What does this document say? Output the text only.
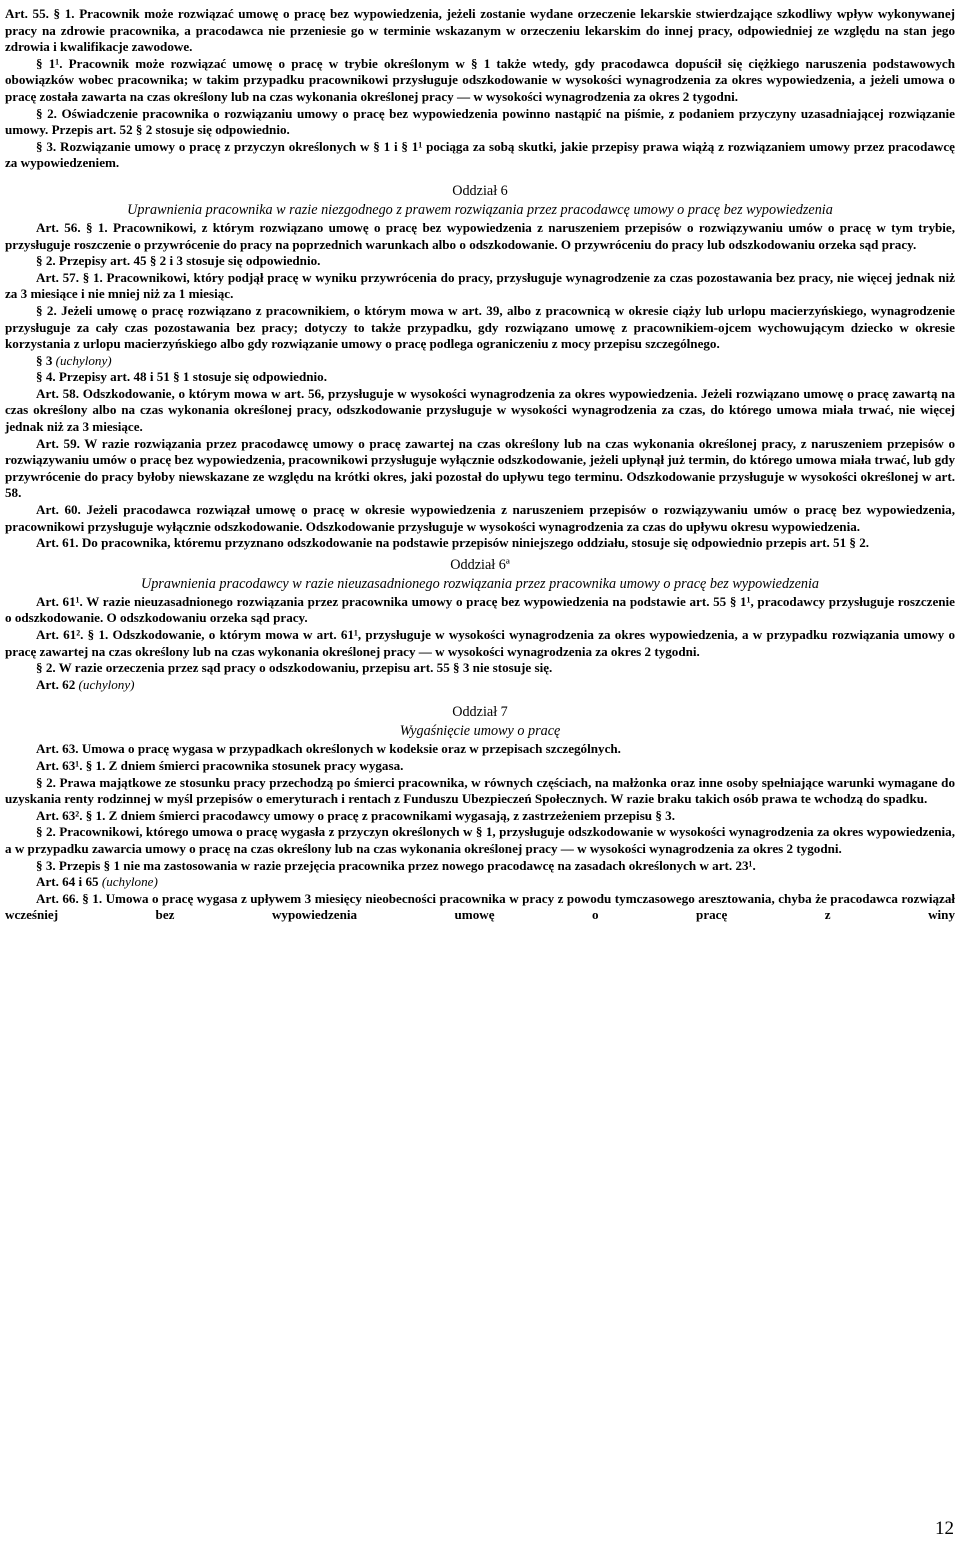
Art. 55. § 1. Pracownik może rozwiązać umowę o pracę bez wypowiedzenia, jeżeli zostanie wydane orzeczenie lekarskie stwierdzające szkodliwy wpływ wykonywanej pracy na zdrowie pracownika, a pracodawca nie przeniesie go w terminie wskazanym w orzeczeniu lekarskim do innej pracy, odpowiedniej ze względu na stan jego zdrowia i kwalifikacje zawodowe.

§ 1¹. Pracownik może rozwiązać umowę o pracę w trybie określonym w § 1 także wtedy, gdy pracodawca dopuścił się ciężkiego naruszenia podstawowych obowiązków wobec pracownika; w takim przypadku pracownikowi przysługuje odszkodowanie w wysokości wynagrodzenia za okres wypowiedzenia, a jeżeli umowa o pracę została zawarta na czas określony lub na czas wykonania określonej pracy — w wysokości wynagrodzenia za okres 2 tygodni.

§ 2. Oświadczenie pracownika o rozwiązaniu umowy o pracę bez wypowiedzenia powinno nastąpić na piśmie, z podaniem przyczyny uzasadniającej rozwiązanie umowy. Przepis art. 52 § 2 stosuje się odpowiednio.

§ 3. Rozwiązanie umowy o pracę z przyczyn określonych w § 1 i § 1¹ pociąga za sobą skutki, jakie przepisy prawa wiążą z rozwiązaniem umowy przez pracodawcę za wypowiedzeniem.

Oddział 6

Uprawnienia pracownika w razie niezgodnego z prawem rozwiązania przez pracodawcę umowy o pracę bez wypowiedzenia

Art. 56. § 1. Pracownikowi, z którym rozwiązano umowę o pracę bez wypowiedzenia z naruszeniem przepisów o rozwiązywaniu umów o pracę w tym trybie, przysługuje roszczenie o przywrócenie do pracy na poprzednich warunkach albo o odszkodowanie. O przywróceniu do pracy lub odszkodowaniu orzeka sąd pracy.

§ 2. Przepisy art. 45 § 2 i 3 stosuje się odpowiednio.

Art. 57. § 1. Pracownikowi, który podjął pracę w wyniku przywrócenia do pracy, przysługuje wynagrodzenie za czas pozostawania bez pracy, nie więcej jednak niż za 3 miesiące i nie mniej niż za 1 miesiąc.

§ 2. Jeżeli umowę o pracę rozwiązano z pracownikiem, o którym mowa w art. 39, albo z pracownicą w okresie ciąży lub urlopu macierzyńskiego, wynagrodzenie przysługuje za cały czas pozostawania bez pracy; dotyczy to także przypadku, gdy rozwiązano umowę z pracownikiem-ojcem wychowującym dziecko w okresie korzystania z urlopu macierzyńskiego albo gdy rozwiązanie umowy o pracę podlega ograniczeniu z mocy przepisu szczególnego.

§ 3 (uchylony)

§ 4. Przepisy art. 48 i 51 § 1 stosuje się odpowiednio.

Art. 58. Odszkodowanie, o którym mowa w art. 56, przysługuje w wysokości wynagrodzenia za okres wypowiedzenia. Jeżeli rozwiązano umowę o pracę zawartą na czas określony albo na czas wykonania określonej pracy, odszkodowanie przysługuje w wysokości wynagrodzenia za czas, do którego umowa miała trwać, nie więcej jednak niż za 3 miesiące.

Art. 59. W razie rozwiązania przez pracodawcę umowy o pracę zawartej na czas określony lub na czas wykonania określonej pracy, z naruszeniem przepisów o rozwiązywaniu umów o pracę bez wypowiedzenia, pracownikowi przysługuje wyłącznie odszkodowanie, jeżeli upłynął już termin, do którego umowa miała trwać, lub gdy przywrócenie do pracy byłoby niewskazane ze względu na krótki okres, jaki pozostał do upływu tego terminu. Odszkodowanie przysługuje w wysokości określonej w art. 58.

Art. 60. Jeżeli pracodawca rozwiązał umowę o pracę w okresie wypowiedzenia z naruszeniem przepisów o rozwiązywaniu umów o pracę bez wypowiedzenia, pracownikowi przysługuje wyłącznie odszkodowanie. Odszkodowanie przysługuje w wysokości wynagrodzenia za czas do upływu okresu wypowiedzenia.

Art. 61. Do pracownika, któremu przyznano odszkodowanie na podstawie przepisów niniejszego oddziału, stosuje się odpowiednio przepis art. 51 § 2.

Oddział 6ª

Uprawnienia pracodawcy w razie nieuzasadnionego rozwiązania przez pracownika umowy o pracę bez wypowiedzenia

Art. 61¹. W razie nieuzasadnionego rozwiązania przez pracownika umowy o pracę bez wypowiedzenia na podstawie art. 55 § 1¹, pracodawcy przysługuje roszczenie o odszkodowanie. O odszkodowaniu orzeka sąd pracy.

Art. 61². § 1. Odszkodowanie, o którym mowa w art. 61¹, przysługuje w wysokości wynagrodzenia za okres wypowiedzenia, a w przypadku rozwiązania umowy o pracę zawartej na czas określony lub na czas wykonania określonej pracy — w wysokości wynagrodzenia za okres 2 tygodni.

§ 2. W razie orzeczenia przez sąd pracy o odszkodowaniu, przepisu art. 55 § 3 nie stosuje się.

Art. 62 (uchylony)

Oddział 7

Wygaśnięcie umowy o pracę

Art. 63. Umowa o pracę wygasa w przypadkach określonych w kodeksie oraz w przepisach szczególnych.

Art. 63¹. § 1. Z dniem śmierci pracownika stosunek pracy wygasa.

§ 2. Prawa majątkowe ze stosunku pracy przechodzą po śmierci pracownika, w równych częściach, na małżonka oraz inne osoby spełniające warunki wymagane do uzyskania renty rodzinnej w myśl przepisów o emeryturach i rentach z Funduszu Ubezpieczeń Społecznych. W razie braku takich osób prawa te wchodzą do spadku.

Art. 63². § 1. Z dniem śmierci pracodawcy umowy o pracę z pracownikami wygasają, z zastrzeżeniem przepisu § 3.

§ 2. Pracownikowi, którego umowa o pracę wygasła z przyczyn określonych w § 1, przysługuje odszkodowanie w wysokości wynagrodzenia za okres wypowiedzenia, a w przypadku zawarcia umowy o pracę na czas określony lub na czas wykonania określonej pracy — w wysokości wynagrodzenia za okres 2 tygodni.

§ 3. Przepis § 1 nie ma zastosowania w razie przejęcia pracownika przez nowego pracodawcę na zasadach określonych w art. 23¹.

Art. 64 i 65 (uchylone)

Art. 66. § 1. Umowa o pracę wygasa z upływem 3 miesięcy nieobecności pracownika w pracy z powodu tymczasowego aresztowania, chyba że pracodawca rozwiązał wcześniej bez wypowiedzenia umowę o pracę z winy

12
